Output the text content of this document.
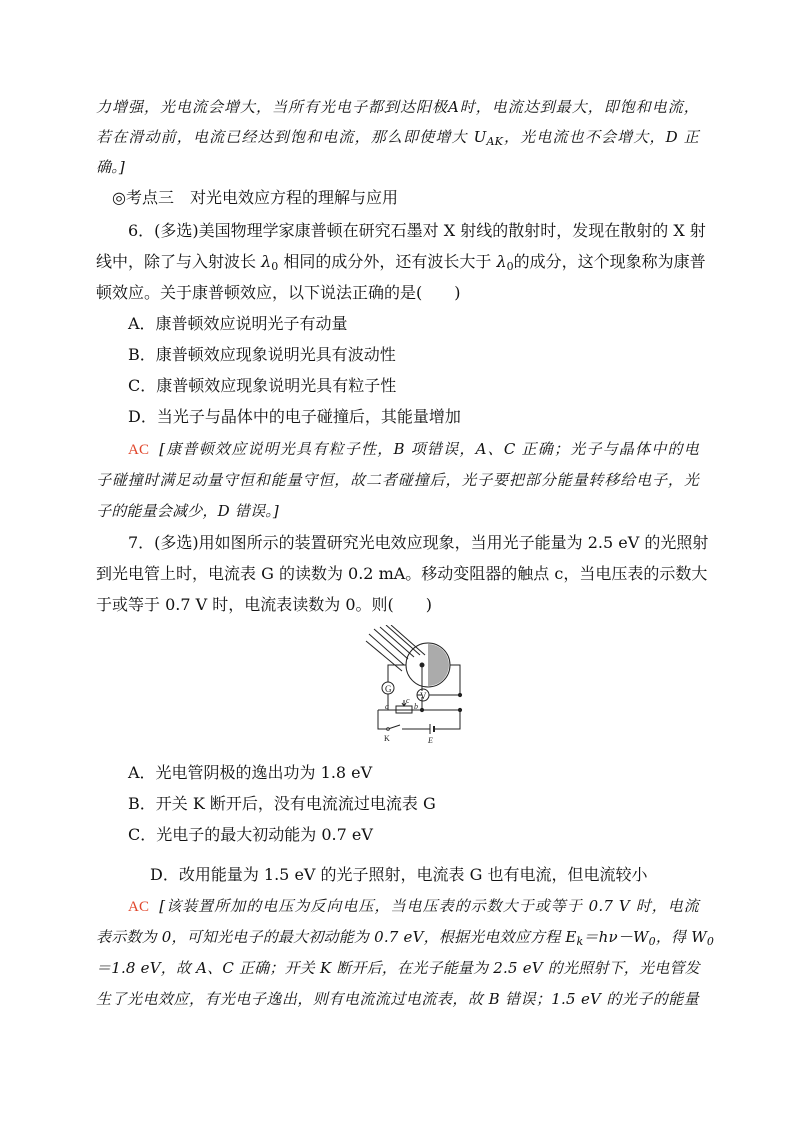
力增强，光电流会增大，当所有光电子都到达阳极A时，电流达到最大，即饱和电流，
若在滑动前，电流已经达到饱和电流，那么即使增大 $U_{AK}$，光电流也不会增大，D 正
确。]
◎考点三　对光电效应方程的理解与应用
6．(多选)美国物理学家康普顿在研究石墨对 X 射线的散射时，发现在散射的 X 射
线中，除了与入射波长 $\lambda_0$ 相同的成分外，还有波长大于 $\lambda_0$的成分，这个现象称为康普
顿效应。关于康普顿效应，以下说法正确的是(　　)
A．康普顿效应说明光子有动量
B．康普顿效应现象说明光具有波动性
C．康普顿效应现象说明光具有粒子性
D．当光子与晶体中的电子碰撞后，其能量增加
AC [康普顿效应说明光具有粒子性，B 项错误，A、C 正确；光子与晶体中的电
子碰撞时满足动量守恒和能量守恒，故二者碰撞后，光子要把部分能量转移给电子，光
子的能量会减少，D 错误。]
7．(多选)用如图所示的装置研究光电效应现象，当用光子能量为 2.5 eV 的光照射
到光电管上时，电流表 G 的读数为 0.2 mA。移动变阻器的触点 c，当电压表的示数大
于或等于 0.7 V 时，电流表读数为 0。则(　　)
G
V
a
c
b
K	E
A．光电管阴极的逸出功为 1.8 eV
B．开关 K 断开后，没有电流流过电流表 G
C．光电子的最大初动能为 0.7 eV
D．改用能量为 1.5 eV 的光子照射，电流表 G 也有电流，但电流较小
AC [该装置所加的电压为反向电压，当电压表的示数大于或等于 0.7 V 时，电流
表示数为 0，可知光电子的最大初动能为 0.7 eV，根据光电效应方程 $E_k=h\nu-W_0$，得 $W_0$
＝1.8 eV，故 A、C 正确；开关 K 断开后，在光子能量为 2.5 eV 的光照射下，光电管发
生了光电效应，有光电子逸出，则有电流流过电流表，故 B 错误；1.5 eV 的光子的能量
